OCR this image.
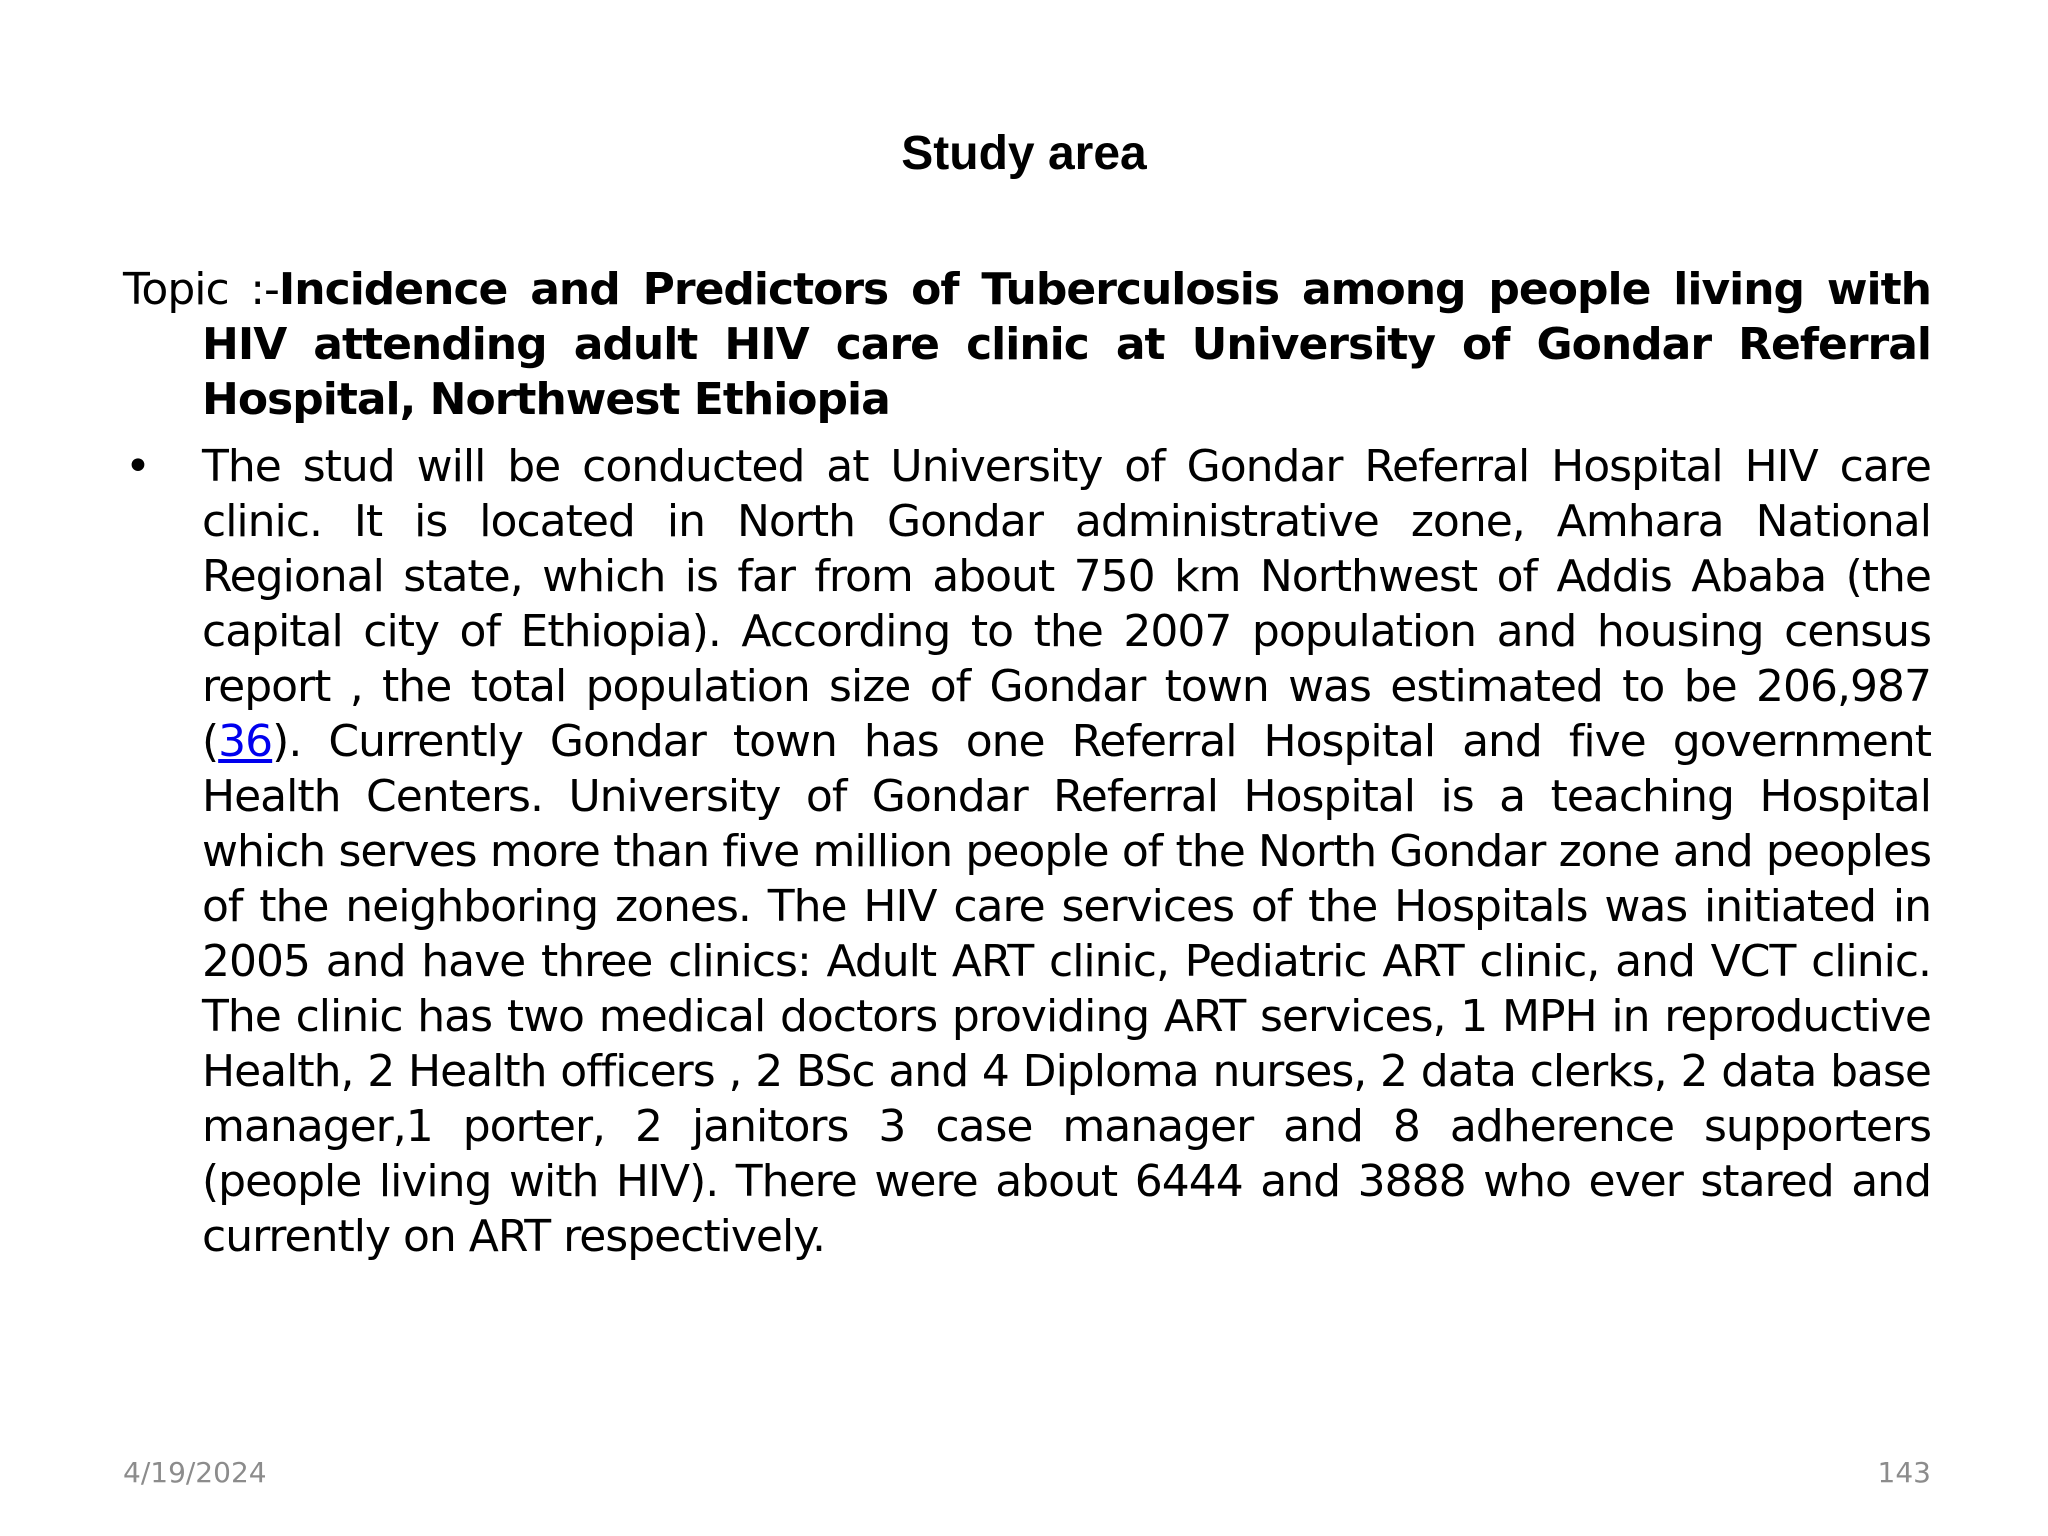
Study area

Topic :-Incidence and Predictors of Tuberculosis among people living with HIV attending adult HIV care clinic at University of Gondar Referral Hospital, Northwest Ethiopia

•	The stud will be conducted at University of Gondar Referral Hospital HIV care clinic. It is located in North Gondar administrative zone, Amhara National Regional state, which is far from about 750 km Northwest of Addis Ababa (the capital city of Ethiopia). According to the 2007 population and housing census report , the total population size of Gondar town was estimated to be 206,987 (36). Currently Gondar town has one Referral Hospital and five government Health Centers. University of Gondar Referral Hospital is a teaching Hospital which serves more than five million people of the North Gondar zone and peoples of the neighboring zones. The HIV care services of the Hospitals was initiated in 2005 and have three clinics: Adult ART clinic, Pediatric ART clinic, and VCT clinic. The clinic has two medical doctors providing ART services, 1 MPH in reproductive Health, 2 Health officers , 2 BSc and 4 Diploma nurses, 2 data clerks, 2 data base manager,1 porter, 2 janitors 3 case manager and 8 adherence supporters (people living with HIV). There were about 6444 and 3888 who ever stared and currently on ART respectively.

4/19/2024	143
